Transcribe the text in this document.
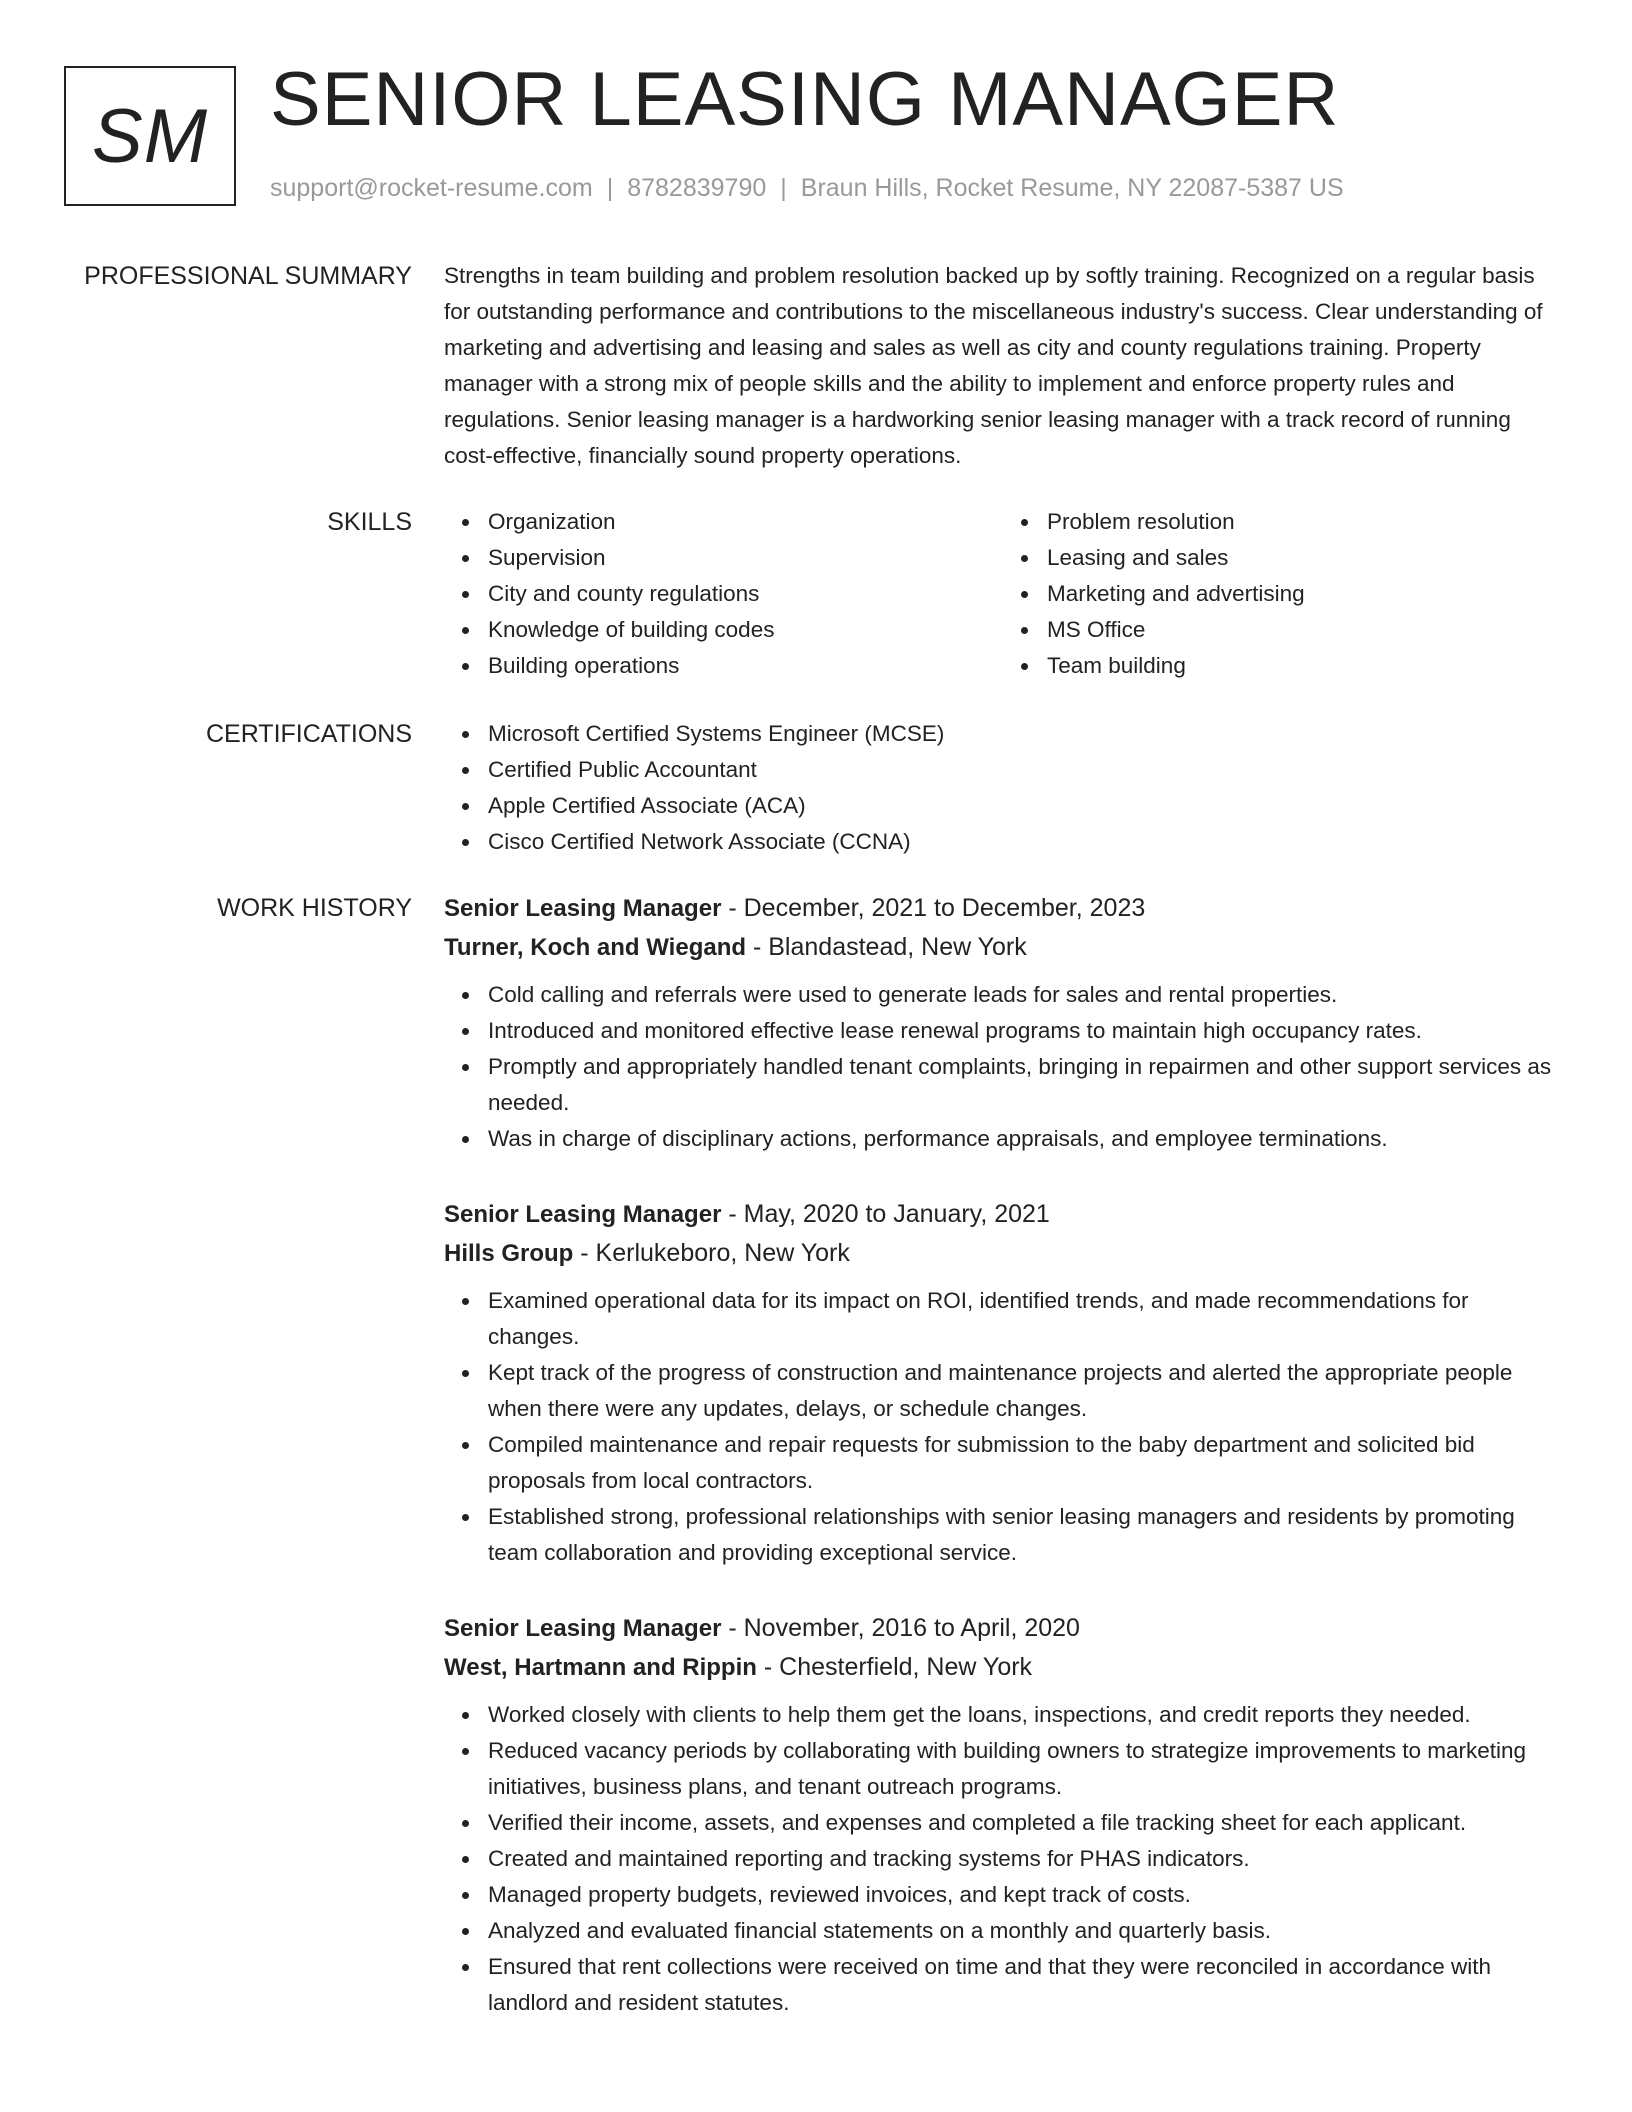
SM SENIOR LEASING MANAGER
support@rocket-resume.com | 8782839790 | Braun Hills, Rocket Resume, NY 22087-5387 US
PROFESSIONAL SUMMARY Strengths in team building and problem resolution backed up by softly training. Recognized on a regular basis for outstanding performance and contributions to the miscellaneous industry's success. Clear understanding of marketing and advertising and leasing and sales as well as city and county regulations training. Property manager with a strong mix of people skills and the ability to implement and enforce property rules and regulations. Senior leasing manager is a hardworking senior leasing manager with a track record of running cost-effective, financially sound property operations.
SKILLS	Organization
Supervision
City and county regulations
Knowledge of building codes
Building operations
Problem resolution
Leasing and sales
Marketing and advertising
MS Office
Team building
CERTIFICATIONS	Microsoft Certified Systems Engineer (MCSE)
Certified Public Accountant
Apple Certified Associate (ACA)
Cisco Certified Network Associate (CCNA)
WORK HISTORY Senior Leasing Manager - December, 2021 to December, 2023
Turner, Koch and Wiegand - Blandastead, New York
Cold calling and referrals were used to generate leads for sales and rental properties.
Introduced and monitored effective lease renewal programs to maintain high occupancy rates.
Promptly and appropriately handled tenant complaints, bringing in repairmen and other support services as needed.
Was in charge of disciplinary actions, performance appraisals, and employee terminations.
Senior Leasing Manager - May, 2020 to January, 2021
Hills Group - Kerlukeboro, New York
Examined operational data for its impact on ROI, identified trends, and made recommendations for changes.
Kept track of the progress of construction and maintenance projects and alerted the appropriate people when there were any updates, delays, or schedule changes.
Compiled maintenance and repair requests for submission to the baby department and solicited bid proposals from local contractors.
Established strong, professional relationships with senior leasing managers and residents by promoting team collaboration and providing exceptional service.
Senior Leasing Manager - November, 2016 to April, 2020
West, Hartmann and Rippin - Chesterfield, New York
Worked closely with clients to help them get the loans, inspections, and credit reports they needed.
Reduced vacancy periods by collaborating with building owners to strategize improvements to marketing initiatives, business plans, and tenant outreach programs.
Verified their income, assets, and expenses and completed a file tracking sheet for each applicant.
Created and maintained reporting and tracking systems for PHAS indicators.
Managed property budgets, reviewed invoices, and kept track of costs.
Analyzed and evaluated financial statements on a monthly and quarterly basis.
Ensured that rent collections were received on time and that they were reconciled in accordance with landlord and resident statutes.
